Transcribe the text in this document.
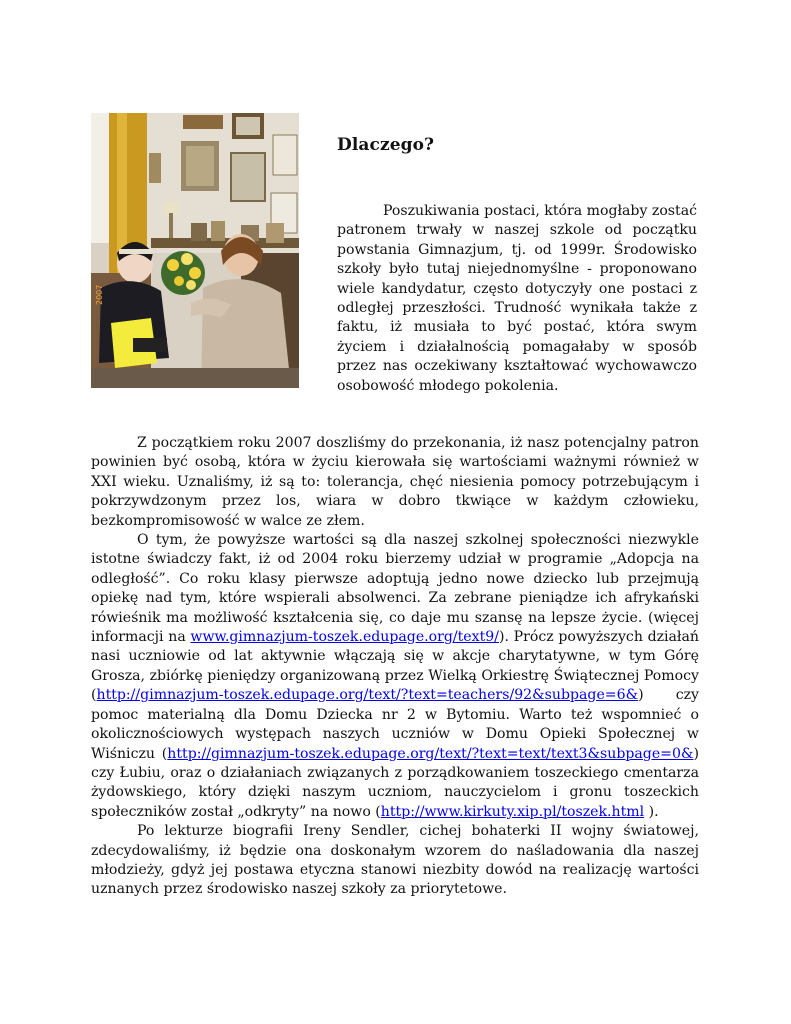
2007
Dlaczego?
Poszukiwania postaci, która mogłaby zostać patronem trwały w naszej szkole od początku powstania Gimnazjum, tj. od 1999r. Środowisko szkoły było tutaj niejednomyślne - proponowano wiele kandydatur, często dotyczyły one postaci z odległej przeszłości. Trudność wynikała także z faktu, iż musiała to być postać, która swym życiem i działalnością pomagałaby w sposób przez nas oczekiwany kształtować wychowawczo osobowość młodego pokolenia.

Z początkiem roku 2007 doszliśmy do przekonania, iż nasz potencjalny patron powinien być osobą, która w życiu kierowała się wartościami ważnymi również w XXI wieku. Uznaliśmy, iż są to: tolerancja, chęć niesienia pomocy potrzebującym i pokrzywdzonym przez los, wiara w dobro tkwiące w każdym człowieku, bezkompromisowość w walce ze złem.

O tym, że powyższe wartości są dla naszej szkolnej społeczności niezwykle istotne świadczy fakt, iż od 2004 roku bierzemy udział w programie „Adopcja na odległość”. Co roku klasy pierwsze adoptują jedno nowe dziecko lub przejmują opiekę nad tym, które wspierali absolwenci. Za zebrane pieniądze ich afrykański rówieśnik ma możliwość kształcenia się, co daje mu szansę na lepsze życie. (więcej informacji na www.gimnazjum-toszek.edupage.org/text9/). Prócz powyższych działań nasi uczniowie od lat aktywnie włączają się w akcje charytatywne, w tym Górę Grosza, zbiórkę pieniędzy organizowaną przez Wielką Orkiestrę Świątecznej Pomocy (http://gimnazjum-toszek.edupage.org/text/?text=teachers/92&subpage=6&) czy pomoc materialną dla Domu Dziecka nr 2 w Bytomiu. Warto też wspomnieć o okolicznościowych występach naszych uczniów w Domu Opieki Społecznej w Wiśniczu (http://gimnazjum-toszek.edupage.org/text/?text=text/text3&subpage=0&) czy Łubiu, oraz o działaniach związanych z porządkowaniem toszeckiego cmentarza żydowskiego, który dzięki naszym uczniom, nauczycielom i gronu toszeckich społeczników został „odkryty” na nowo (http://www.kirkuty.xip.pl/toszek.html ).

Po lekturze biografii Ireny Sendler, cichej bohaterki II wojny światowej, zdecydowaliśmy, iż będzie ona doskonałym wzorem do naśladowania dla naszej młodzieży, gdyż jej postawa etyczna stanowi niezbity dowód na realizację wartości uznanych przez środowisko naszej szkoły za priorytetowe.
